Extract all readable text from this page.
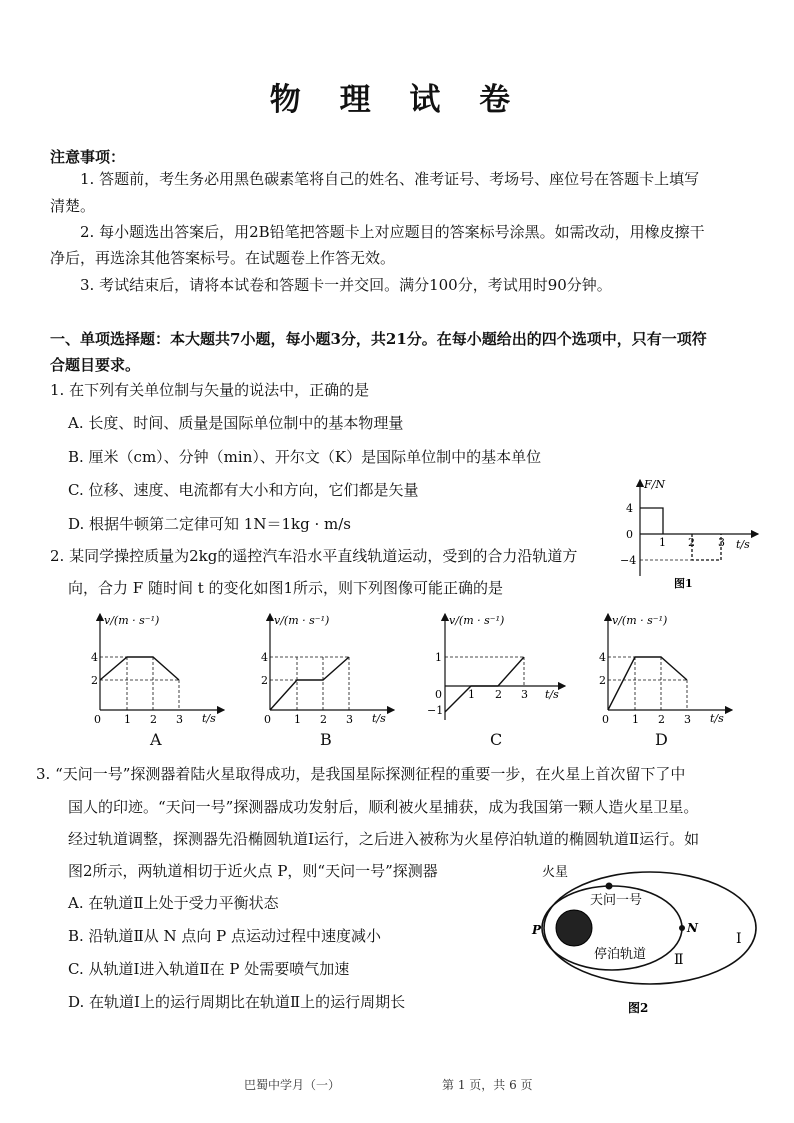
物 理 试 卷
注意事项：
1. 答题前，考生务必用黑色碳素笔将自己的姓名、准考证号、考场号、座位号在答题卡上填写
清楚。
2. 每小题选出答案后，用2B铅笔把答题卡上对应题目的答案标号涂黑。如需改动，用橡皮擦干
净后，再选涂其他答案标号。在试题卷上作答无效。
3. 考试结束后，请将本试卷和答题卡一并交回。满分100分，考试用时90分钟。
一、单项选择题：本大题共7小题，每小题3分，共21分。在每小题给出的四个选项中，只有一项符
合题目要求。
1. 在下列有关单位制与矢量的说法中，正确的是
A. 长度、时间、质量是国际单位制中的基本物理量
B. 厘米（cm）、分钟（min）、开尔文（K）是国际单位制中的基本单位
C. 位移、速度、电流都有大小和方向，它们都是矢量
D. 根据牛顿第二定律可知 1N＝1kg · m/s
2. 某同学操控质量为2kg的遥控汽车沿水平直线轨道运动，受到的合力沿轨道方
向，合力 F 随时间 t 的变化如图1所示，则下列图像可能正确的是
F/N
t/s
4
0
−4
1 2 3
图1
v/(m · s⁻¹)
t/s
4
2
0 1 2 3
A
v/(m · s⁻¹)
t/s
4
2
0 1 2 3
B
v/(m · s⁻¹)
t/s
1
0
−1
1 2 3
C
v/(m · s⁻¹)
t/s
4
2
0 1 2 3
D
3. “天问一号”探测器着陆火星取得成功，是我国星际探测征程的重要一步，在火星上首次留下了中
国人的印迹。“天问一号”探测器成功发射后，顺利被火星捕获，成为我国第一颗人造火星卫星。
经过轨道调整，探测器先沿椭圆轨道Ⅰ运行，之后进入被称为火星停泊轨道的椭圆轨道Ⅱ运行。如
图2所示，两轨道相切于近火点 P，则“天问一号”探测器
A. 在轨道Ⅱ上处于受力平衡状态
B. 沿轨道Ⅱ从 N 点向 P 点运动过程中速度减小
C. 从轨道Ⅰ进入轨道Ⅱ在 P 处需要喷气加速
D. 在轨道Ⅰ上的运行周期比在轨道Ⅱ上的运行周期长
火星
天问一号
P	N
停泊轨道
Ⅰ
Ⅱ
图2
巴蜀中学月（一）	第 1 页，共 6 页
